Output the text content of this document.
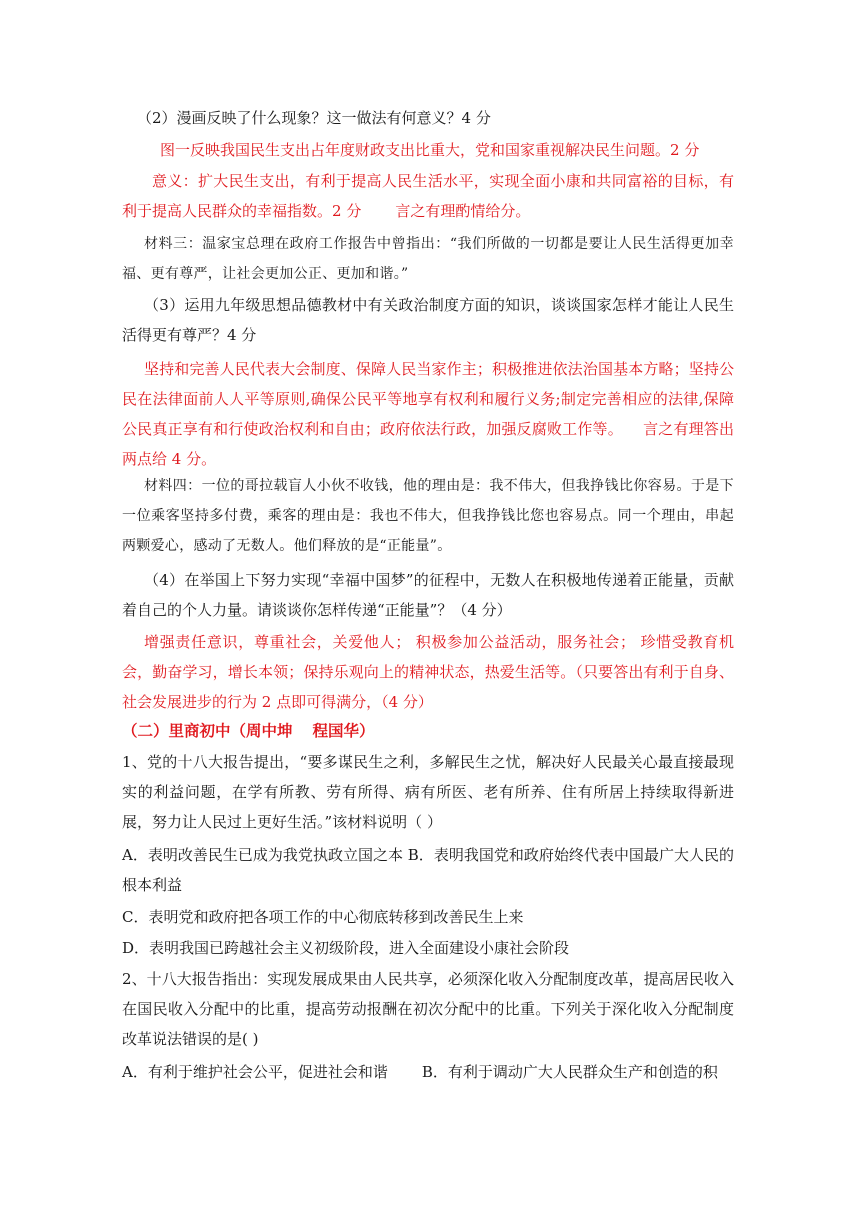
（2）漫画反映了什么现象？这一做法有何意义？4 分

图一反映我国民生支出占年度财政支出比重大，党和国家重视解决民生问题。2 分

意义：扩大民生支出，有利于提高人民生活水平，实现全面小康和共同富裕的目标，有利于提高人民群众的幸福指数。2 分 言之有理酌情给分。

材料三：温家宝总理在政府工作报告中曾指出：“我们所做的一切都是要让人民生活得更加幸福、更有尊严，让社会更加公正、更加和谐。”

（3）运用九年级思想品德教材中有关政治制度方面的知识，谈谈国家怎样才能让人民生活得更有尊严？4 分

坚持和完善人民代表大会制度、保障人民当家作主；积极推进依法治国基本方略；坚持公民在法律面前人人平等原则,确保公民平等地享有权利和履行义务;制定完善相应的法律,保障公民真正享有和行使政治权利和自由；政府依法行政，加强反腐败工作等。 言之有理答出两点给 4 分。

材料四：一位的哥拉载盲人小伙不收钱，他的理由是：我不伟大，但我挣钱比你容易。于是下一位乘客坚持多付费，乘客的理由是：我也不伟大，但我挣钱比您也容易点。同一个理由，串起两颗爱心，感动了无数人。他们释放的是“正能量”。

（4）在举国上下努力实现“幸福中国梦”的征程中，无数人在积极地传递着正能量，贡献着自己的个人力量。请谈谈你怎样传递“正能量”？（4 分）

增强责任意识，尊重社会，关爱他人； 积极参加公益活动，服务社会； 珍惜受教育机会，勤奋学习，增长本领；保持乐观向上的精神状态，热爱生活等。（只要答出有利于自身、社会发展进步的行为 2 点即可得满分，（4 分）

（二）里商初中（周中坤 程国华）

1、党的十八大报告提出，“要多谋民生之利，多解民生之忧，解决好人民最关心最直接最现实的利益问题，在学有所教、劳有所得、病有所医、老有所养、住有所居上持续取得新进展，努力让人民过上更好生活。”该材料说明（ ）

A．表明改善民生已成为我党执政立国之本 B．表明我国党和政府始终代表中国最广大人民的根本利益

C．表明党和政府把各项工作的中心彻底转移到改善民生上来

D．表明我国已跨越社会主义初级阶段，进入全面建设小康社会阶段

2、十八大报告指出：实现发展成果由人民共享，必须深化收入分配制度改革，提高居民收入在国民收入分配中的比重，提高劳动报酬在初次分配中的比重。下列关于深化收入分配制度改革说法错误的是( )

A．有利于维护社会公平，促进社会和谐 B．有利于调动广大人民群众生产和创造的积
